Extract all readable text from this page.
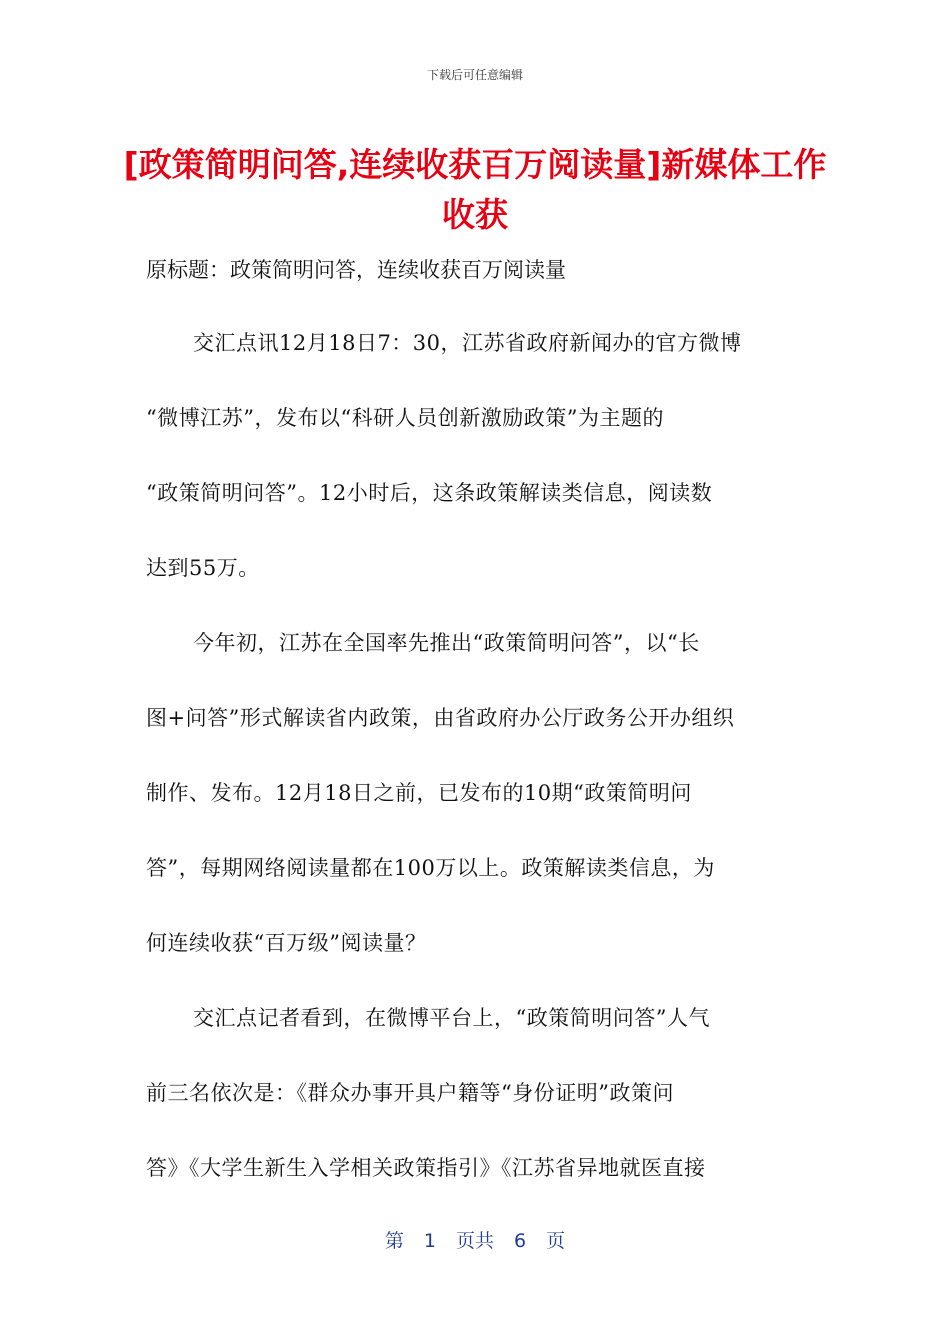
下载后可任意编辑
[政策简明问答,连续收获百万阅读量]新媒体工作收获
原标题：政策简明问答，连续收获百万阅读量
交汇点讯12月18日7：30，江苏省政府新闻办的官方微博
“微博江苏”，发布以“科研人员创新激励政策”为主题的
“政策简明问答”。12小时后，这条政策解读类信息，阅读数
达到55万。
今年初，江苏在全国率先推出“政策简明问答”，以“长
图+问答”形式解读省内政策，由省政府办公厅政务公开办组织
制作、发布。12月18日之前，已发布的10期“政策简明问
答”，每期网络阅读量都在100万以上。政策解读类信息，为
何连续收获“百万级”阅读量？
交汇点记者看到，在微博平台上，“政策简明问答”人气
前三名依次是：《群众办事开具户籍等“身份证明”政策问
答》《大学生新生入学相关政策指引》《江苏省异地就医直接
第 1 页共 6 页
